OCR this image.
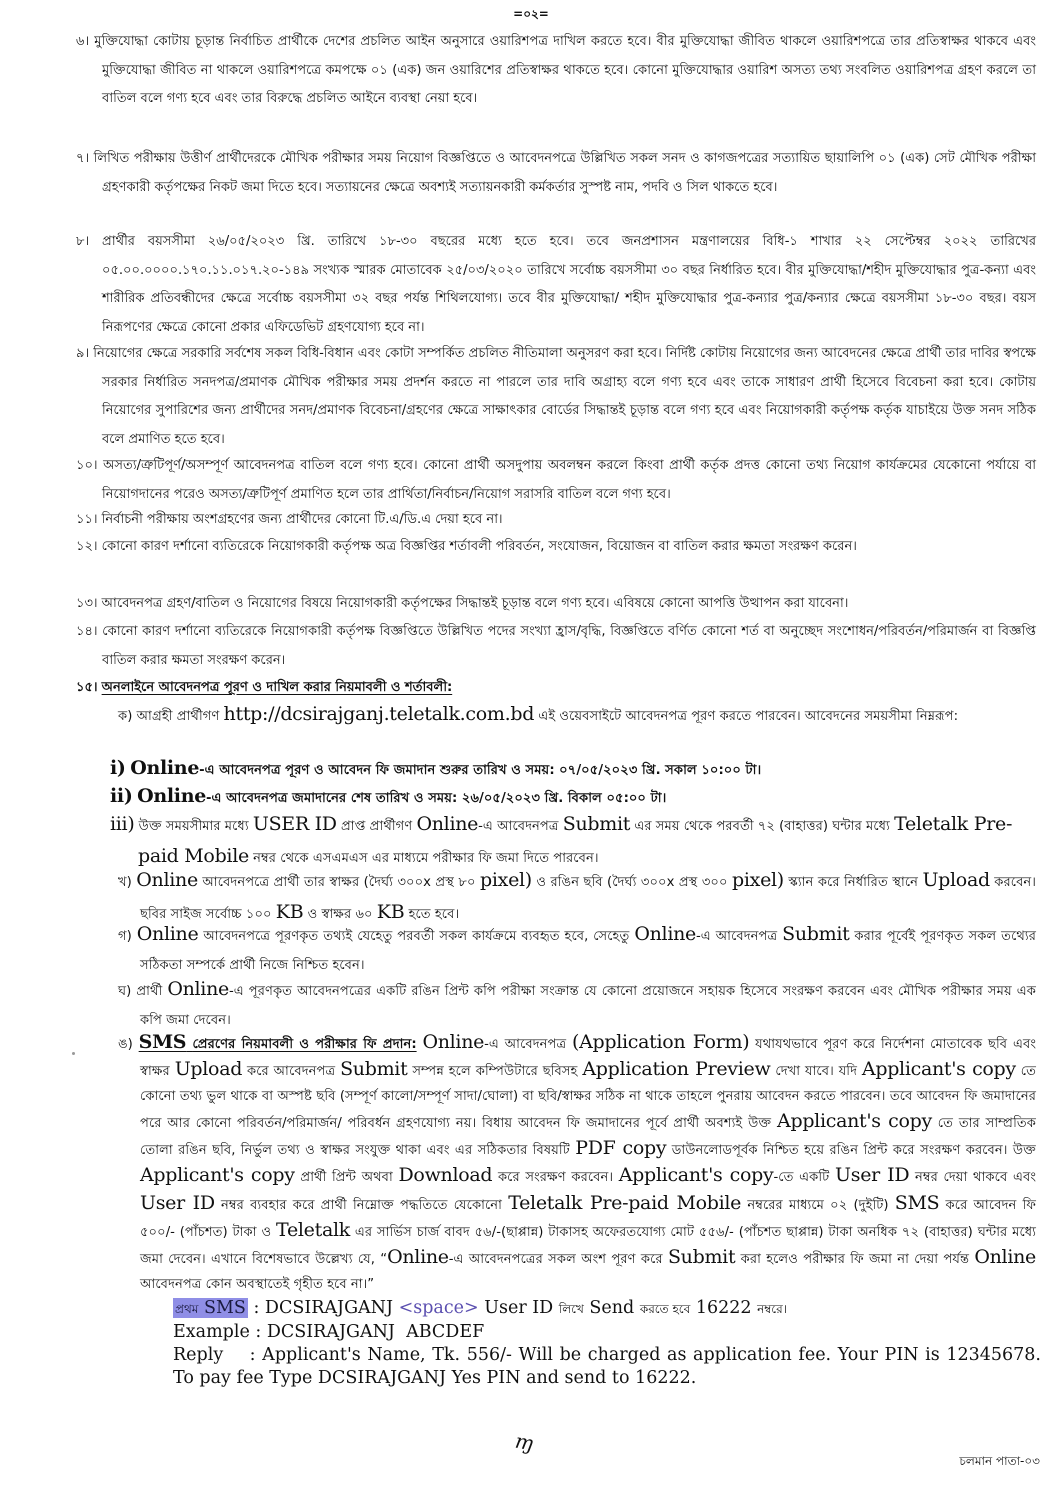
=০২=
৬। মুক্তিযোদ্ধা কোটায় চূড়ান্ত নির্বাচিত প্রার্থীকে দেশের প্রচলিত আইন অনুসারে ওয়ারিশপত্র দাখিল করতে হবে। বীর মুক্তিযোদ্ধা জীবিত থাকলে ওয়ারিশপত্রে তার প্রতিস্বাক্ষর থাকবে এবং মুক্তিযোদ্ধা জীবিত না থাকলে ওয়ারিশপত্রে কমপক্ষে ০১ (এক) জন ওয়ারিশের প্রতিস্বাক্ষর থাকতে হবে। কোনো মুক্তিযোদ্ধার ওয়ারিশ অসত্য তথ্য সংবলিত ওয়ারিশপত্র গ্রহণ করলে তা বাতিল বলে গণ্য হবে এবং তার বিরুদ্ধে প্রচলিত আইনে ব্যবস্থা নেয়া হবে।
৭। লিখিত পরীক্ষায় উত্তীর্ণ প্রার্থীদেরকে মৌখিক পরীক্ষার সময় নিয়োগ বিজ্ঞপ্তিতে ও আবেদনপত্রে উল্লিখিত সকল সনদ ও কাগজপত্রের সত্যায়িত ছায়ালিপি ০১ (এক) সেট মৌখিক পরীক্ষা গ্রহণকারী কর্তৃপক্ষের নিকট জমা দিতে হবে। সত্যায়নের ক্ষেত্রে অবশ্যই সত্যায়নকারী কর্মকর্তার সুস্পষ্ট নাম, পদবি ও সিল থাকতে হবে।
৮। প্রার্থীর বয়সসীমা ২৬/০৫/২০২৩ খ্রি. তারিখে ১৮-৩০ বছরের মধ্যে হতে হবে। তবে জনপ্রশাসন মন্ত্রণালয়ের বিধি-১ শাখার ২২ সেপ্টেম্বর ২০২২ তারিখের ০৫.০০.০০০০.১৭০.১১.০১৭.২০-১৪৯ সংখ্যক স্মারক মোতাবেক ২৫/০৩/২০২০ তারিখে সর্বোচ্চ বয়সসীমা ৩০ বছর নির্ধারিত হবে। বীর মুক্তিযোদ্ধা/শহীদ মুক্তিযোদ্ধার পুত্র-কন্যা এবং শারীরিক প্রতিবন্ধীদের ক্ষেত্রে সর্বোচ্চ বয়সসীমা ৩২ বছর পর্যন্ত শিথিলযোগ্য। তবে বীর মুক্তিযোদ্ধা/ শহীদ মুক্তিযোদ্ধার পুত্র-কন্যার পুত্র/কন্যার ক্ষেত্রে বয়সসীমা ১৮-৩০ বছর। বয়স নিরূপণের ক্ষেত্রে কোনো প্রকার এফিডেভিট গ্রহণযোগ্য হবে না।
৯। নিয়োগের ক্ষেত্রে সরকারি সর্বশেষ সকল বিধি-বিধান এবং কোটা সম্পর্কিত প্রচলিত নীতিমালা অনুসরণ করা হবে। নির্দিষ্ট কোটায় নিয়োগের জন্য আবেদনের ক্ষেত্রে প্রার্থী তার দাবির স্বপক্ষে সরকার নির্ধারিত সনদপত্র/প্রমাণক মৌখিক পরীক্ষার সময় প্রদর্শন করতে না পারলে তার দাবি অগ্রাহ্য বলে গণ্য হবে এবং তাকে সাধারণ প্রার্থী হিসেবে বিবেচনা করা হবে। কোটায় নিয়োগের সুপারিশের জন্য প্রার্থীদের সনদ/প্রমাণক বিবেচনা/গ্রহণের ক্ষেত্রে সাক্ষাৎকার বোর্ডের সিদ্ধান্তই চূড়ান্ত বলে গণ্য হবে এবং নিয়োগকারী কর্তৃপক্ষ কর্তৃক যাচাইয়ে উক্ত সনদ সঠিক বলে প্রমাণিত হতে হবে।
১০। অসত্য/ত্রুটিপূর্ণ/অসম্পূর্ণ আবেদনপত্র বাতিল বলে গণ্য হবে। কোনো প্রার্থী অসদুপায় অবলম্বন করলে কিংবা প্রার্থী কর্তৃক প্রদত্ত কোনো তথ্য নিয়োগ কার্যক্রমের যেকোনো পর্যায়ে বা নিয়োগদানের পরেও অসত্য/ত্রুটিপূর্ণ প্রমাণিত হলে তার প্রার্থিতা/নির্বাচন/নিয়োগ সরাসরি বাতিল বলে গণ্য হবে।
১১। নির্বাচনী পরীক্ষায় অংশগ্রহণের জন্য প্রার্থীদের কোনো টি.এ/ডি.এ দেয়া হবে না।
১২। কোনো কারণ দর্শানো ব্যতিরেকে নিয়োগকারী কর্তৃপক্ষ অত্র বিজ্ঞপ্তির শর্তাবলী পরিবর্তন, সংযোজন, বিয়োজন বা বাতিল করার ক্ষমতা সংরক্ষণ করেন।
১৩। আবেদনপত্র গ্রহণ/বাতিল ও নিয়োগের বিষয়ে নিয়োগকারী কর্তৃপক্ষের সিদ্ধান্তই চূড়ান্ত বলে গণ্য হবে। এবিষয়ে কোনো আপত্তি উত্থাপন করা যাবেনা।
১৪। কোনো কারণ দর্শানো ব্যতিরেকে নিয়োগকারী কর্তৃপক্ষ বিজ্ঞপ্তিতে উল্লিখিত পদের সংখ্যা হ্রাস/বৃদ্ধি, বিজ্ঞপ্তিতে বর্ণিত কোনো শর্ত বা অনুচ্ছেদ সংশোধন/পরিবর্তন/পরিমার্জন বা বিজ্ঞপ্তি বাতিল করার ক্ষমতা সংরক্ষণ করেন।
১৫। অনলাইনে আবেদনপত্র পূরণ ও দাখিল করার নিয়মাবলী ও শর্তাবলী:
ক) আগ্রহী প্রার্থীগণ http://dcsirajganj.teletalk.com.bd এই ওয়েবসাইটে আবেদনপত্র পূরণ করতে পারবেন। আবেদনের সময়সীমা নিম্নরূপ:
i) Online-এ আবেদনপত্র পূরণ ও আবেদন ফি জমাদান শুরুর তারিখ ও সময়: ০৭/০৫/২০২৩ খ্রি. সকাল ১০:০০ টা।
ii) Online-এ আবেদনপত্র জমাদানের শেষ তারিখ ও সময়: ২৬/০৫/২০২৩ খ্রি. বিকাল ০৫:০০ টা।
iii) উক্ত সময়সীমার মধ্যে USER ID প্রাপ্ত প্রার্থীগণ Online-এ আবেদনপত্র Submit এর সময় থেকে পরবর্তী ৭২ (বাহাত্তর) ঘন্টার মধ্যে Teletalk Pre-paid Mobile নম্বর থেকে এসএমএস এর মাধ্যমে পরীক্ষার ফি জমা দিতে পারবেন।
খ) Online আবেদনপত্রে প্রার্থী তার স্বাক্ষর (দৈর্ঘ্য ৩০০x প্রস্থ ৮০ pixel) ও রঙিন ছবি (দৈর্ঘ্য ৩০০x প্রস্থ ৩০০ pixel) স্ক্যান করে নির্ধারিত স্থানে Upload করবেন। ছবির সাইজ সর্বোচ্চ ১০০ KB ও স্বাক্ষর ৬০ KB হতে হবে।
গ) Online আবেদনপত্রে পূরণকৃত তথ্যই যেহেতু পরবর্তী সকল কার্যক্রমে ব্যবহৃত হবে, সেহেতু Online-এ আবেদনপত্র Submit করার পূর্বেই পূরণকৃত সকল তথ্যের সঠিকতা সম্পর্কে প্রার্থী নিজে নিশ্চিত হবেন।
ঘ) প্রার্থী Online-এ পূরণকৃত আবেদনপত্রের একটি রঙিন প্রিন্ট কপি পরীক্ষা সংক্রান্ত যে কোনো প্রয়োজনে সহায়ক হিসেবে সংরক্ষণ করবেন এবং মৌখিক পরীক্ষার সময় এক কপি জমা দেবেন।
ঙ) SMS প্রেরণের নিয়মাবলী ও পরীক্ষার ফি প্রদান: Online-এ আবেদনপত্র (Application Form) যথাযথভাবে পূরণ করে নির্দেশনা মোতাবেক ছবি এবং স্বাক্ষর Upload করে আবেদনপত্র Submit সম্পন্ন হলে কম্পিউটারে ছবিসহ Application Preview দেখা যাবে। যদি Applicant's copy তে কোনো তথ্য ভুল থাকে বা অস্পষ্ট ছবি (সম্পূর্ণ কালো/সম্পূর্ণ সাদা/ঘোলা) বা ছবি/স্বাক্ষর সঠিক না থাকে তাহলে পুনরায় আবেদন করতে পারবেন। তবে আবেদন ফি জমাদানের পরে আর কোনো পরিবর্তন/পরিমার্জন/ পরিবর্ধন গ্রহণযোগ্য নয়। বিধায় আবেদন ফি জমাদানের পূর্বে প্রার্থী অবশ্যই উক্ত Applicant's copy তে তার সাম্প্রতিক তোলা রঙিন ছবি, নির্ভুল তথ্য ও স্বাক্ষর সংযুক্ত থাকা এবং এর সঠিকতার বিষয়টি PDF copy ডাউনলোডপূর্বক নিশ্চিত হয়ে রঙিন প্রিন্ট করে সংরক্ষণ করবেন। উক্ত Applicant's copy প্রার্থী প্রিন্ট অথবা Download করে সংরক্ষণ করবেন। Applicant's copy-তে একটি User ID নম্বর দেয়া থাকবে এবং User ID নম্বর ব্যবহার করে প্রার্থী নিম্নোক্ত পদ্ধতিতে যেকোনো Teletalk Pre-paid Mobile নম্বরের মাধ্যমে ০২ (দুইটি) SMS করে আবেদন ফি ৫০০/- (পাঁচশত) টাকা ও Teletalk এর সার্ভিস চার্জ বাবদ ৫৬/-(ছাপ্পান্ন) টাকাসহ অফেরতযোগ্য মোট ৫৫৬/- (পাঁচশত ছাপ্পান্ন) টাকা অনধিক ৭২ (বাহাত্তর) ঘন্টার মধ্যে জমা দেবেন। এখানে বিশেষভাবে উল্লেখ্য যে, “Online-এ আবেদনপত্রের সকল অংশ পূরণ করে Submit করা হলেও পরীক্ষার ফি জমা না দেয়া পর্যন্ত Online আবেদনপত্র কোন অবস্থাতেই গৃহীত হবে না।”
প্রথম SMS : DCSIRAJGANJ <space> User ID লিখে Send করতে হবে 16222 নম্বরে।
Example : DCSIRAJGANJ  ABCDEF
Reply    : Applicant's Name, Tk. 556/- Will be charged as application fee. Your PIN is 12345678. To pay fee Type DCSIRAJGANJ Yes PIN and send to 16222.
ɱ
চলমান পাতা-০৩
